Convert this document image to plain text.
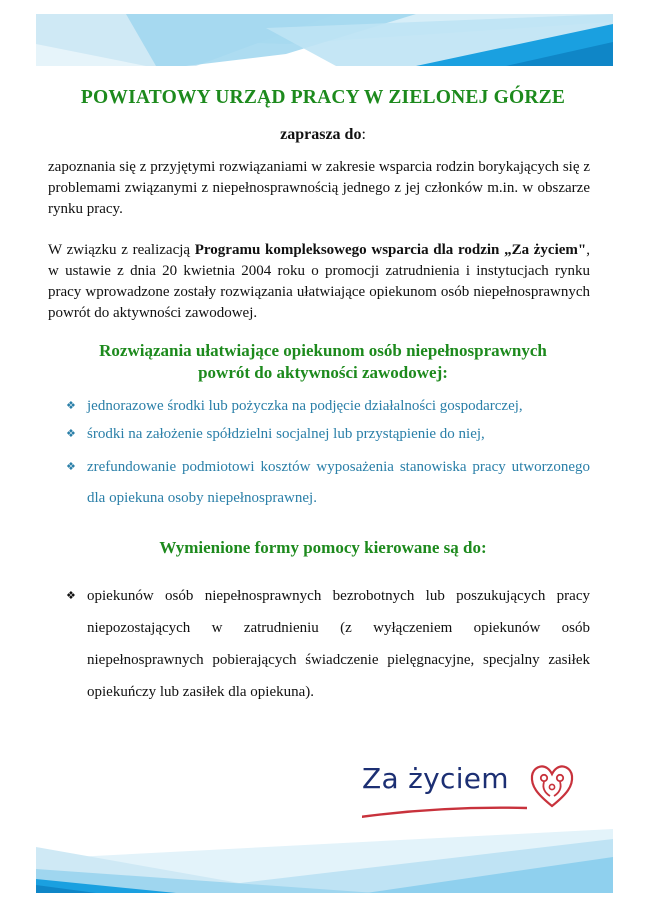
POWIATOWY URZĄD PRACY W ZIELONEJ GÓRZE
zaprasza do:
zapoznania się z przyjętymi rozwiązaniami w zakresie wsparcia rodzin borykających się z problemami związanymi z niepełnosprawnością jednego z jej członków m.in. w obszarze rynku pracy.
W związku z realizacją Programu kompleksowego wsparcia dla rodzin „Za życiem", w ustawie z dnia 20 kwietnia 2004 roku o promocji zatrudnienia i instytucjach rynku pracy wprowadzone zostały rozwiązania ułatwiające opiekunom osób niepełnosprawnych powrót do aktywności zawodowej.
Rozwiązania ułatwiające opiekunom osób niepełnosprawnych
powrót do aktywności zawodowej:
❖ jednorazowe środki lub pożyczka na podjęcie działalności gospodarczej,
❖ środki na założenie spółdzielni socjalnej lub przystąpienie do niej,
❖ zrefundowanie podmiotowi kosztów wyposażenia stanowiska pracy utworzonego dla opiekuna osoby niepełnosprawnej.
Wymienione formy pomocy kierowane są do:
❖ opiekunów osób niepełnosprawnych bezrobotnych lub poszukujących pracy niepozostających w zatrudnieniu (z wyłączeniem opiekunów osób niepełnosprawnych pobierających świadczenie pielęgnacyjne, specjalny zasiłek opiekuńczy lub zasiłek dla opiekuna).
Za życiem
